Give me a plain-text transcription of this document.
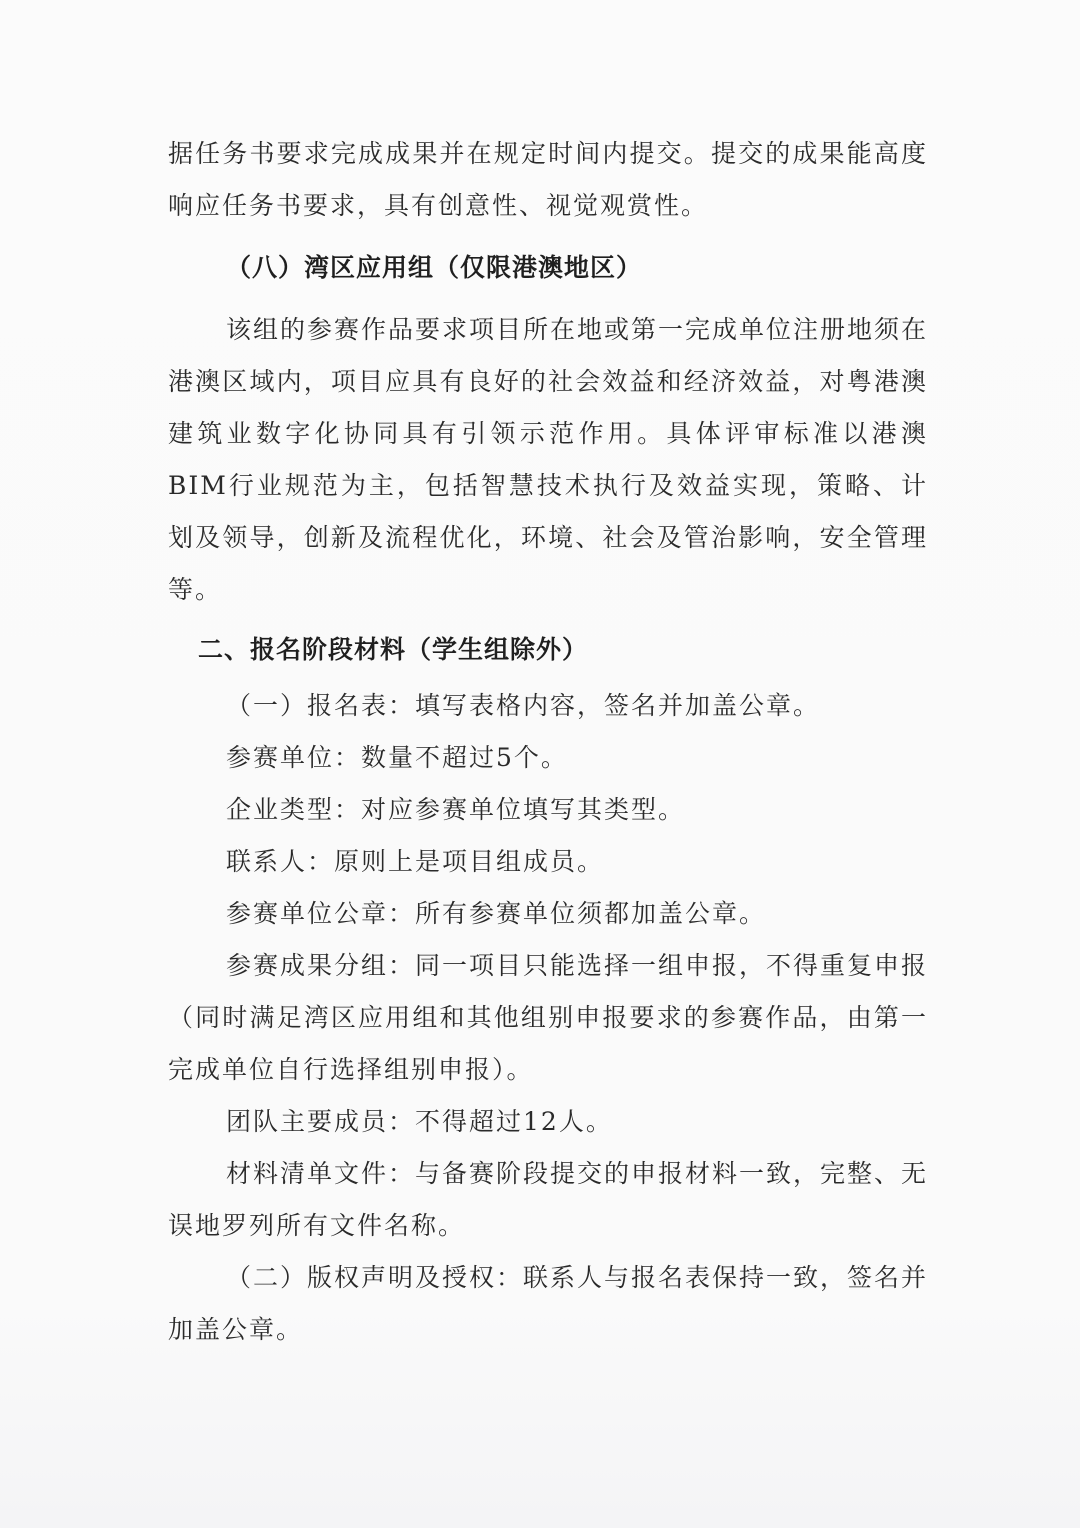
据任务书要求完成成果并在规定时间内提交。提交的成果能高度响应任务书要求，具有创意性、视觉观赏性。

（八）湾区应用组（仅限港澳地区）

该组的参赛作品要求项目所在地或第一完成单位注册地须在港澳区域内，项目应具有良好的社会效益和经济效益，对粤港澳建筑业数字化协同具有引领示范作用。具体评审标准以港澳BIM行业规范为主，包括智慧技术执行及效益实现，策略、计划及领导，创新及流程优化，环境、社会及管治影响，安全管理等。

二、报名阶段材料（学生组除外）

（一）报名表：填写表格内容，签名并加盖公章。

参赛单位：数量不超过5个。

企业类型：对应参赛单位填写其类型。

联系人：原则上是项目组成员。

参赛单位公章：所有参赛单位须都加盖公章。

参赛成果分组：同一项目只能选择一组申报，不得重复申报（同时满足湾区应用组和其他组别申报要求的参赛作品，由第一完成单位自行选择组别申报）。

团队主要成员：不得超过12人。

材料清单文件：与备赛阶段提交的申报材料一致，完整、无误地罗列所有文件名称。

（二）版权声明及授权：联系人与报名表保持一致，签名并加盖公章。
